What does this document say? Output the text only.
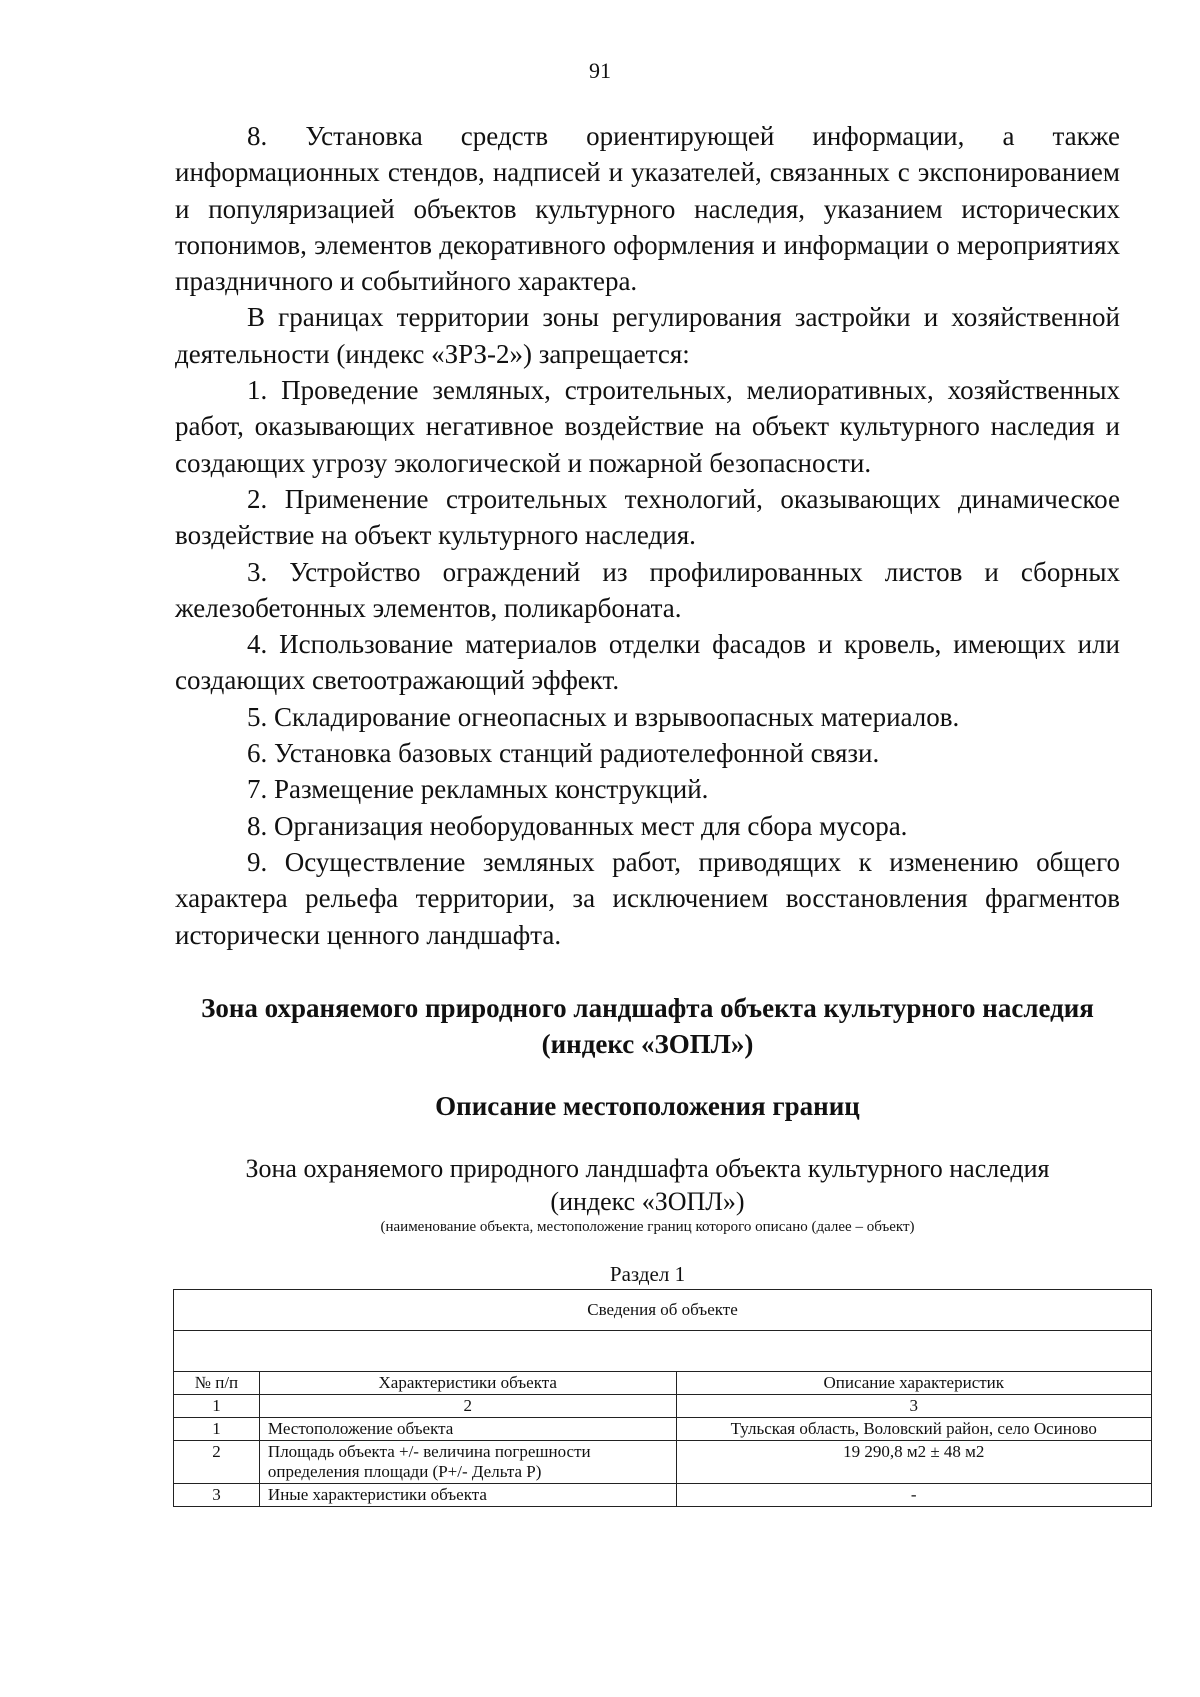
91

8. Установка средств ориентирующей информации, а также информационных стендов, надписей и указателей, связанных с экспонированием и популяризацией объектов культурного наследия, указанием исторических топонимов, элементов декоративного оформления и информации о мероприятиях праздничного и событийного характера.

В границах территории зоны регулирования застройки и хозяйственной деятельности (индекс «ЗРЗ-2») запрещается:

1. Проведение земляных, строительных, мелиоративных, хозяйственных работ, оказывающих негативное воздействие на объект культурного наследия и создающих угрозу экологической и пожарной безопасности.

2. Применение строительных технологий, оказывающих динамическое воздействие на объект культурного наследия.

3. Устройство ограждений из профилированных листов и сборных железобетонных элементов, поликарбоната.

4. Использование материалов отделки фасадов и кровель, имеющих или создающих светоотражающий эффект.

5. Складирование огнеопасных и взрывоопасных материалов.

6. Установка базовых станций радиотелефонной связи.

7. Размещение рекламных конструкций.

8. Организация необорудованных мест для сбора мусора.

9. Осуществление земляных работ, приводящих к изменению общего характера рельефа территории, за исключением восстановления фрагментов исторически ценного ландшафта.

Зона охраняемого природного ландшафта объекта культурного наследия

(индекс «ЗОПЛ»)

Описание местоположения границ

Зона охраняемого природного ландшафта объекта культурного наследия
(индекс «ЗОПЛ»)
(наименование объекта, местоположение границ которого описано (далее – объект)
Раздел 1
Сведения об объекте		

№ п/п	Характеристики объекта	Описание характеристик
1	2	3
1	Местоположение объекта	Тульская область, Воловский район, село Осиново
2	Площадь объекта +/- величина погрешности определения площади (Р+/- Дельта Р)	19 290,8 м2 ± 48 м2
3	Иные характеристики объекта	-
